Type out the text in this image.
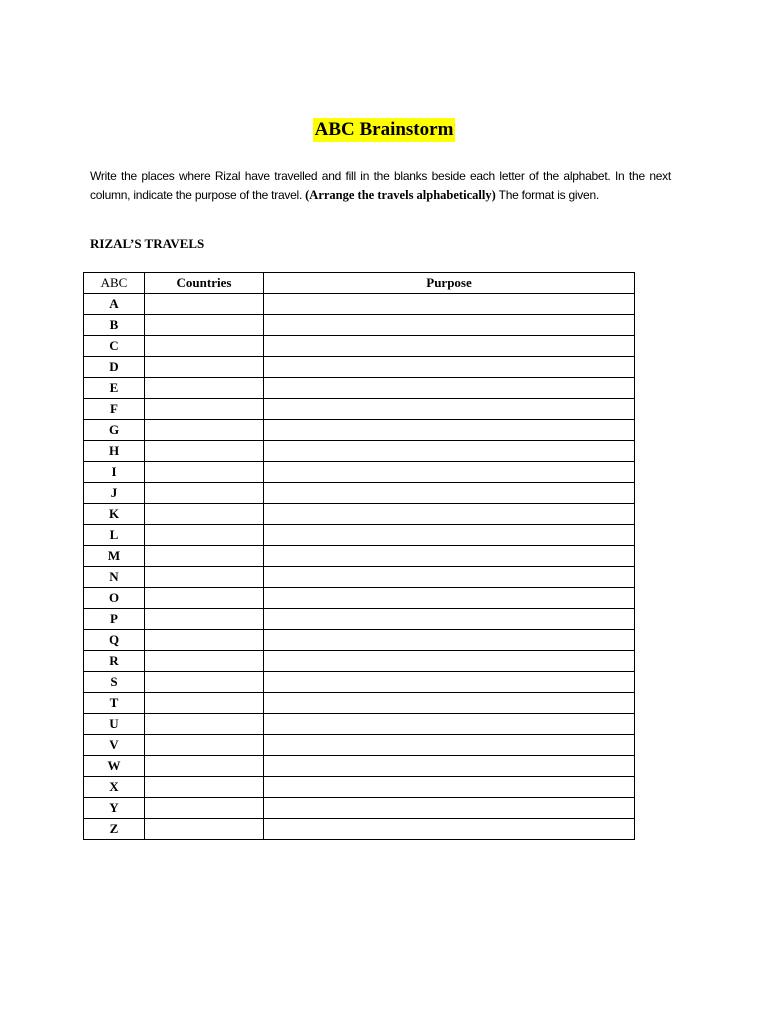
ABC Brainstorm

Write the places where Rizal have travelled and fill in the blanks beside each letter of the alphabet. In the next column, indicate the purpose of the travel. (Arrange the travels alphabetically) The format is given.

RIZAL’S TRAVELS
ABC	Countries	Purpose
A		
B		
C		
D		
E		
F		
G		
H		
I		
J		
K		
L		
M		
N		
O		
P		
Q		
R		
S		
T		
U		
V		
W		
X		
Y		
Z		
